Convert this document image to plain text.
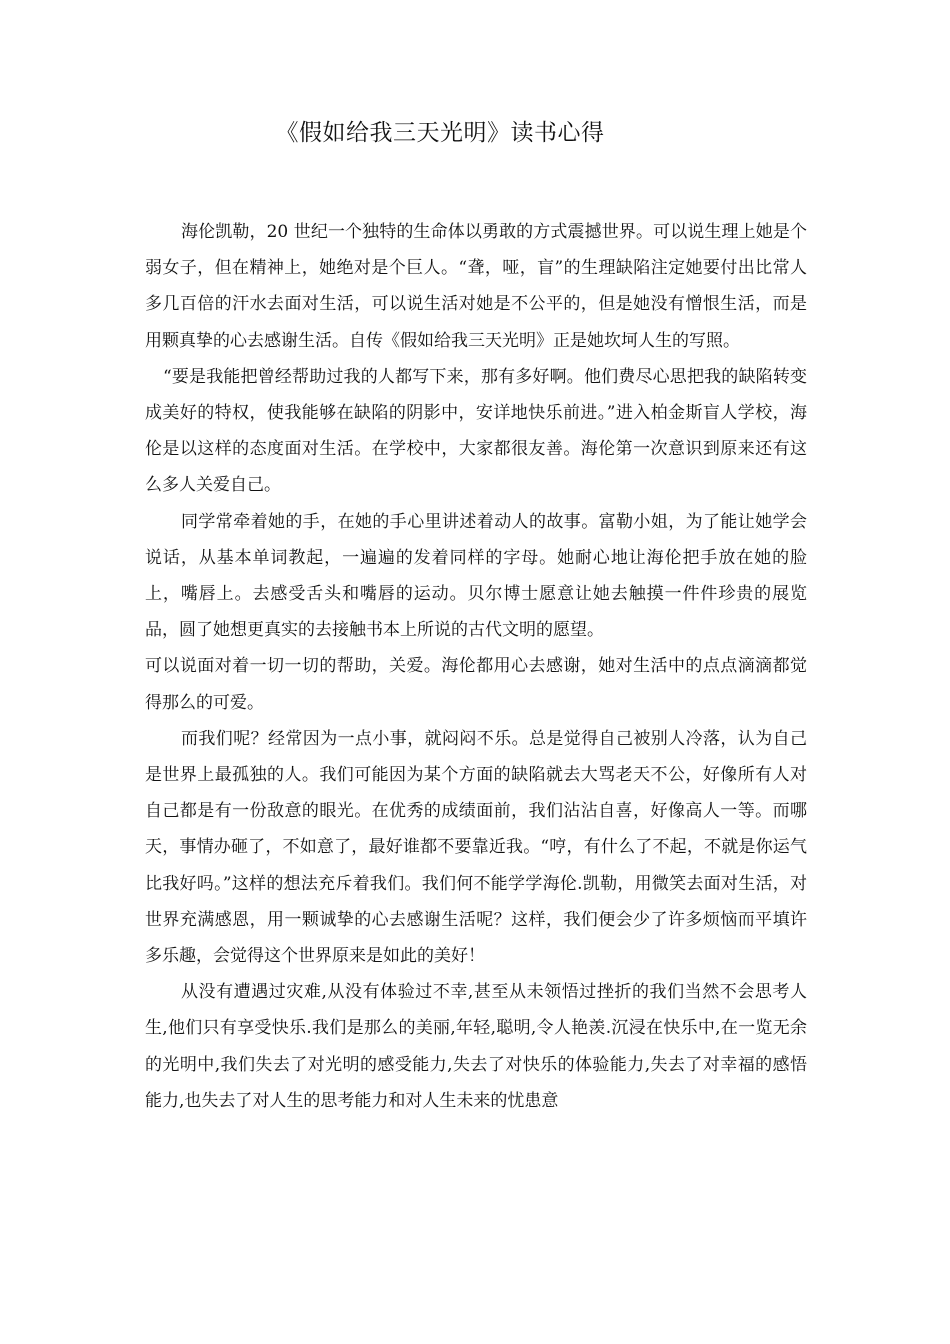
《假如给我三天光明》读书心得

海伦凯勒，20 世纪一个独特的生命体以勇敢的方式震撼世界。可以说生理上她是个弱女子，但在精神上，她绝对是个巨人。“聋，哑，盲”的生理缺陷注定她要付出比常人多几百倍的汗水去面对生活，可以说生活对她是不公平的，但是她没有憎恨生活，而是用颗真挚的心去感谢生活。自传《假如给我三天光明》正是她坎坷人生的写照。

“要是我能把曾经帮助过我的人都写下来，那有多好啊。他们费尽心思把我的缺陷转变成美好的特权，使我能够在缺陷的阴影中，安详地快乐前进。”进入柏金斯盲人学校，海伦是以这样的态度面对生活。在学校中，大家都很友善。海伦第一次意识到原来还有这么多人关爱自己。

同学常牵着她的手，在她的手心里讲述着动人的故事。富勒小姐，为了能让她学会说话，从基本单词教起，一遍遍的发着同样的字母。她耐心地让海伦把手放在她的脸上，嘴唇上。去感受舌头和嘴唇的运动。贝尔博士愿意让她去触摸一件件珍贵的展览品，圆了她想更真实的去接触书本上所说的古代文明的愿望。

可以说面对着一切一切的帮助，关爱。海伦都用心去感谢，她对生活中的点点滴滴都觉得那么的可爱。

而我们呢？经常因为一点小事，就闷闷不乐。总是觉得自己被别人冷落，认为自己是世界上最孤独的人。我们可能因为某个方面的缺陷就去大骂老天不公，好像所有人对自己都是有一份敌意的眼光。在优秀的成绩面前，我们沾沾自喜，好像高人一等。而哪天，事情办砸了，不如意了，最好谁都不要靠近我。“哼，有什么了不起，不就是你运气比我好吗。”这样的想法充斥着我们。我们何不能学学海伦.凯勒，用微笑去面对生活，对世界充满感恩，用一颗诚挚的心去感谢生活呢？这样，我们便会少了许多烦恼而平填许多乐趣，会觉得这个世界原来是如此的美好！

从没有遭遇过灾难,从没有体验过不幸,甚至从未领悟过挫折的我们当然不会思考人生,他们只有享受快乐.我们是那么的美丽,年轻,聪明,令人艳羡.沉浸在快乐中,在一览无余的光明中,我们失去了对光明的感受能力,失去了对快乐的体验能力,失去了对幸福的感悟能力,也失去了对人生的思考能力和对人生未来的忧患意
